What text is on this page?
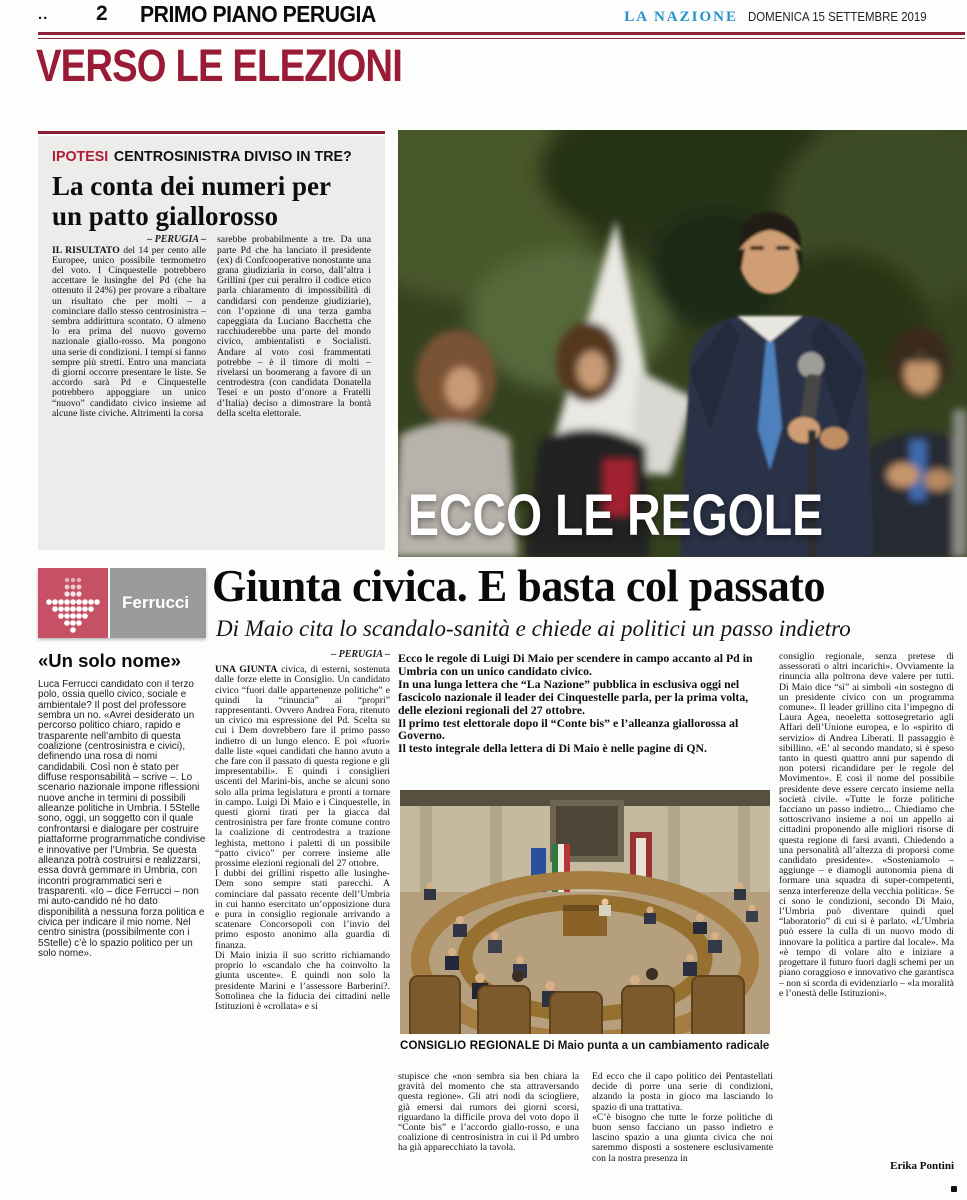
.. 2 PRIMO PIANO PERUGIA	LA NAZIONE DOMENICA 15 SETTEMBRE 2019
VERSO LE ELEZIONI
IPOTESI CENTROSINISTRA DIVISO IN TRE?
La conta dei numeri per un patto giallorosso
– PERUGIA –
IL RISULTATO del 14 per cento alle Europee, unico possibile termometro del voto. I Cinquestelle potrebbero accettare le lusinghe del Pd (che ha ottenuto il 24%) per provare a ribaltare un risultato che per molti – a cominciare dallo stesso centrosinistra – sembra addirittura scontato. O almeno lo era prima del nuovo governo nazionale giallo-rosso. Ma pongono una serie di condizioni. I tempi si fanno sempre più stretti. Entro una manciata di giorni occorre presentare le liste. Se accordo sarà Pd e Cinquestelle potrebbero appoggiare un unico “nuovo” candidato civico insieme ad alcune liste civiche. Altrimenti la corsa
sarebbe probabilmente a tre. Da una parte Pd che ha lanciato il presidente (ex) di Confcooperative nonostante una grana giudiziaria in corso, dall’altra i Grillini (per cui peraltro il codice etico parla chiaramento di impossibilità di candidarsi con pendenze giudiziarie), con l’opzione di una terza gamba capeggiata da Luciano Bacchetta che racchiuderebbe una parte del mondo civico, ambientalisti e Socialisti. Andare al voto così frammentati potrebbe – è il timore di molti – rivelarsi un boomerang a favore di un centrodestra (con candidata Donatella Tesei e un posto d’onore a Fratelli d’Italia) deciso a dimostrare la bontà della scelta elettorale.
ECCO LE REGOLE
Ferrucci
«Un solo nome»
Luca Ferrucci candidato con il terzo polo, ossia quello civico, sociale e ambientale? Il post del professore sembra un no. «Avrei desiderato un percorso politico chiaro, rapido e trasparente nell’ambito di questa coalizione (centrosinistra e civici), definendo una rosa di nomi candidabili. Così non è stato per diffuse responsabilità – scrive –. Lo scenario nazionale impone riflessioni nuove anche in termini di possibili alleanze politiche in Umbria. I 5Stelle sono, oggi, un soggetto con il quale confrontarsi e dialogare per costruire piattaforme programmatiche condivise e innovative per l’Umbria. Se questa alleanza potrà costruirsi e realizzarsi, essa dovrà gemmare in Umbria, con incontri programmatici seri e trasparenti. «Io – dice Ferrucci – non mi auto-candido né ho dato disponibilità a nessuna forza politica e civica per indicare il mio nome. Nel centro sinistra (possibilmente con i 5Stelle) c’è lo spazio politico per un solo nome».
Giunta civica. E basta col passato
Di Maio cita lo scandalo-sanità e chiede ai politici un passo indietro
– PERUGIA –

UNA GIUNTA civica, di esterni, sostenuta dalle forze elette in Consiglio. Un candidato civico “fuori dalle appartenenze politiche” e quindi la “rinuncia” ai “propri” rappresentanti. Ovvero Andrea Fora, ritenuto un civico ma espressione del Pd. Scelta su cui i Dem dovrebbero fare il primo passo indietro di un lungo elenco. E poi «fuori» dalle liste «quei candidati che hanno avuto a che fare con il passato di questa regione e gli impresentabili». E quindi i consiglieri uscenti del Marini-bis, anche se alcuni sono solo alla prima legislatura e pronti a tornare in campo. Luigi Di Maio e i Cinquestelle, in questi giorni tirati per la giacca dal centrosinistra per fare fronte comune contro la coalizione di centrodestra a trazione leghista, mettono i paletti di un possibile “patto civico” per correre insieme alle prossime elezioni regionali del 27 ottobre.

I dubbi dei grillini rispetto alle lusinghe-Dem sono sempre stati parecchi. A cominciare dal passato recente dell’Umbria in cui hanno esercitato un’opposizione dura e pura in consiglio regionale arrivando a scatenare Concorsopoli con l’invio del primo esposto anonimo alla guardia di finanza.

Di Maio inizia il suo scritto richiamando proprio lo «scandalo che ha coinvolto la giunta uscente». E quindi non solo la presidente Marini e l’assessore Barberini?. Sottolinea che la fiducia dei cittadini nelle Istituzioni è «crollata» e si

Ecco le regole di Luigi Di Maio per scendere in campo accanto al Pd in Umbria con un unico candidato civico.

In una lunga lettera che “La Nazione” pubblica in esclusiva oggi nel fascicolo nazionale il leader dei Cinquestelle parla, per la prima volta, delle elezioni regionali del 27 ottobre.

Il primo test elettorale dopo il “Conte bis” e l’alleanza giallorossa al Governo.

Il testo integrale della lettera di Di Maio è nelle pagine di QN.

CONSIGLIO REGIONALE Di Maio punta a un cambiamento radicale

stupisce che «non sembra sia ben chiara la gravità del momento che sta attraversando questa regione». Gli atri nodi da sciogliere, già emersi dai rumors dei giorni scorsi, riguardano la difficile prova del voto dopo il “Conte bis” e l’accordo giallo-rosso, e una coalizione di centrosinistra in cui il Pd umbro ha già apparecchiato la tavola.

Ed ecco che il capo politico dei Pentastellati decide di porre una serie di condizioni, alzando la posta in gioco ma lasciando lo spazio di una trattativa.

«C’è bisogno che tutte le forze politiche di buon senso facciano un passo indietro e lascino spazio a una giunta civica che noi saremmo disposti a sostenere esclusivamente con la nostra presenza in

consiglio regionale, senza pretese di assessorati o altri incarichi». Ovviamente la rinuncia alla poltrona deve valere per tutti. Di Maio dice “sì” ai simboli «in sostegno di un presidente civico con un programma comune». Il leader grillino cita l’impegno di Laura Agea, neoeletta sottosegretario agli Affari dell’Unione europea, e lo «spirito di servizio» di Andrea Liberati. Il passaggio è sibillino. «E’ al secondo mandato, si è speso tanto in questi quattro anni pur sapendo di non potersi ricandidare per le regole del Movimento». E così il nome del possibile presidente deve essere cercato insieme nella società civile. «Tutte le forze politiche facciano un passo indietro... Chiediamo che sottoscrivano insieme a noi un appello ai cittadini proponendo alle migliori risorse di questa regione di farsi avanti. Chiedendo a una personalità all’altezza di proporsi come candidato presidente». «Sosteniamolo – aggiunge – e diamogli autonomia piena di formare una squadra di super-competenti, senza interferenze della vecchia politica». Se ci sono le condizioni, secondo Di Maio, l’Umbria può diventare quindi quel “laboratorio” di cui si è parlato. «L’Umbria può essere la culla di un nuovo modo di innovare la politica a partire dal locale». Ma «è tempo di volare alto e iniziare a progettare il futuro fuori dagli schemi per un piano coraggioso e innovativo che garantisca – non si scorda di evidenziarlo – «la moralità e l’onestà delle Istituzioni».

Erika Pontini
